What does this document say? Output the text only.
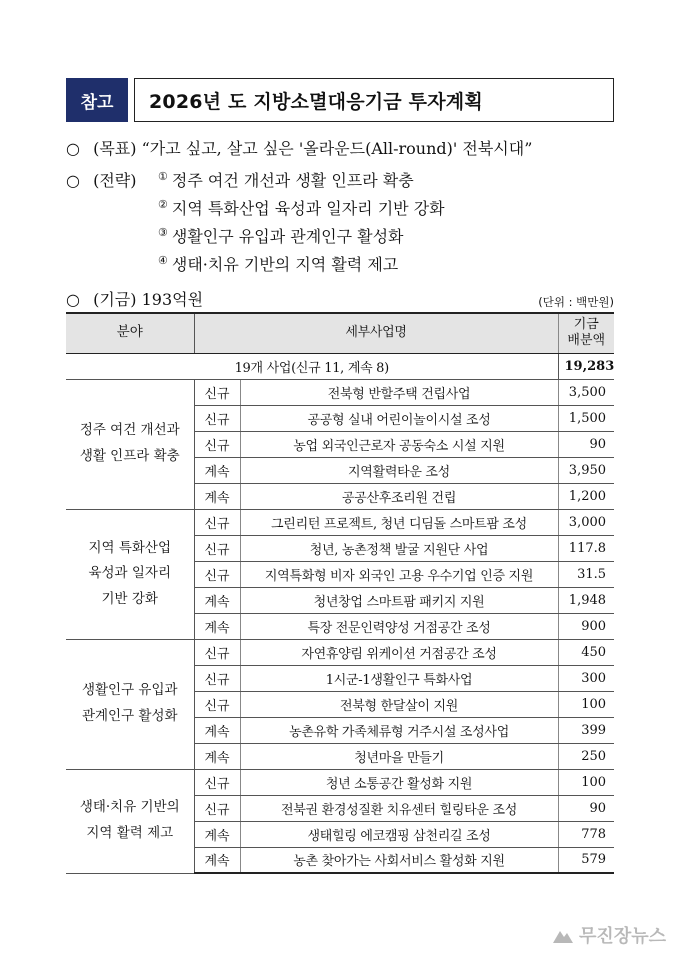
참고	2026년 도 지방소멸대응기금 투자계획
○ (목표) “가고 싶고, 살고 싶은 '올라운드(All-round)' 전북시대”
○ (전략) ① 정주 여건 개선과 생활 인프라 확충
② 지역 특화산업 육성과 일자리 기반 강화
③ 생활인구 유입과 관계인구 활성화
④ 생태·치유 기반의 지역 활력 제고
○ (기금) 193억원	(단위 : 백만원)
분야	세부사업명		기금
배분액
19개 사업(신규 11, 계속 8)			19,283
정주 여건 개선과
생활 인프라 확충	신규	전북형 반할주택 건립사업	3,500
	신규	공공형 실내 어린이놀이시설 조성	1,500
	신규	농업 외국인근로자 공동숙소 시설 지원	90
	계속	지역활력타운 조성	3,950
	계속	공공산후조리원 건립	1,200
지역 특화산업
육성과 일자리
기반 강화	신규	그린리턴 프로젝트, 청년 디딤돌 스마트팜 조성	3,000
	신규	청년, 농촌정책 발굴 지원단 사업	117.8
	신규	지역특화형 비자 외국인 고용 우수기업 인증 지원	31.5
	계속	청년창업 스마트팜 패키지 지원	1,948
	계속	특장 전문인력양성 거점공간 조성	900
생활인구 유입과
관계인구 활성화	신규	자연휴양림 위케이션 거점공간 조성	450
	신규	1시군-1생활인구 특화사업	300
	신규	전북형 한달살이 지원	100
	계속	농촌유학 가족체류형 거주시설 조성사업	399
	계속	청년마을 만들기	250
생태·치유 기반의
지역 활력 제고	신규	청년 소통공간 활성화 지원	100
	신규	전북권 환경성질환 치유센터 힐링타운 조성	90
	계속	생태힐링 에코캠핑 삼천리길 조성	778
	계속	농촌 찾아가는 사회서비스 활성화 지원	579
무진장뉴스
